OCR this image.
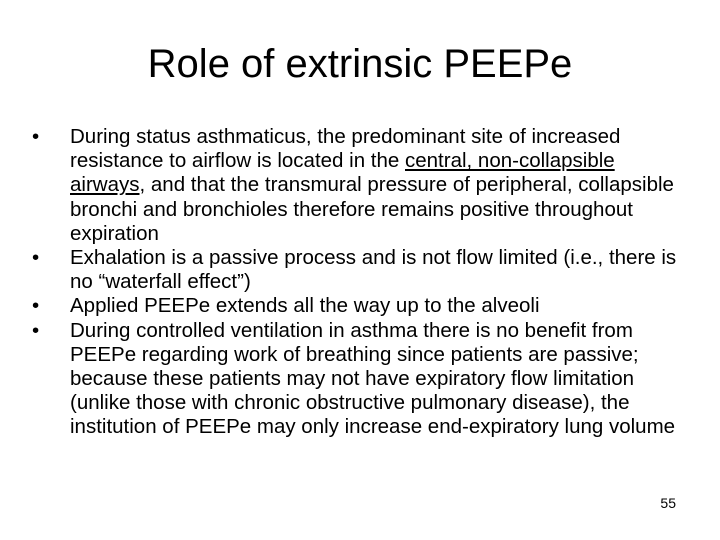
Role of extrinsic PEEPe
• During status asthmaticus, the predominant site of increased resistance to airflow is located in the central, non-collapsible airways, and that the transmural pressure of peripheral, collapsible bronchi and bronchioles therefore remains positive throughout expiration
• Exhalation is a passive process and is not flow limited (i.e., there is no “waterfall effect”)
• Applied PEEPe extends all the way up to the alveoli
• During controlled ventilation in asthma there is no benefit from PEEPe regarding work of breathing since patients are passive; because these patients may not have expiratory flow limitation (unlike those with chronic obstructive pulmonary disease), the institution of PEEPe may only increase end-expiratory lung volume
55
